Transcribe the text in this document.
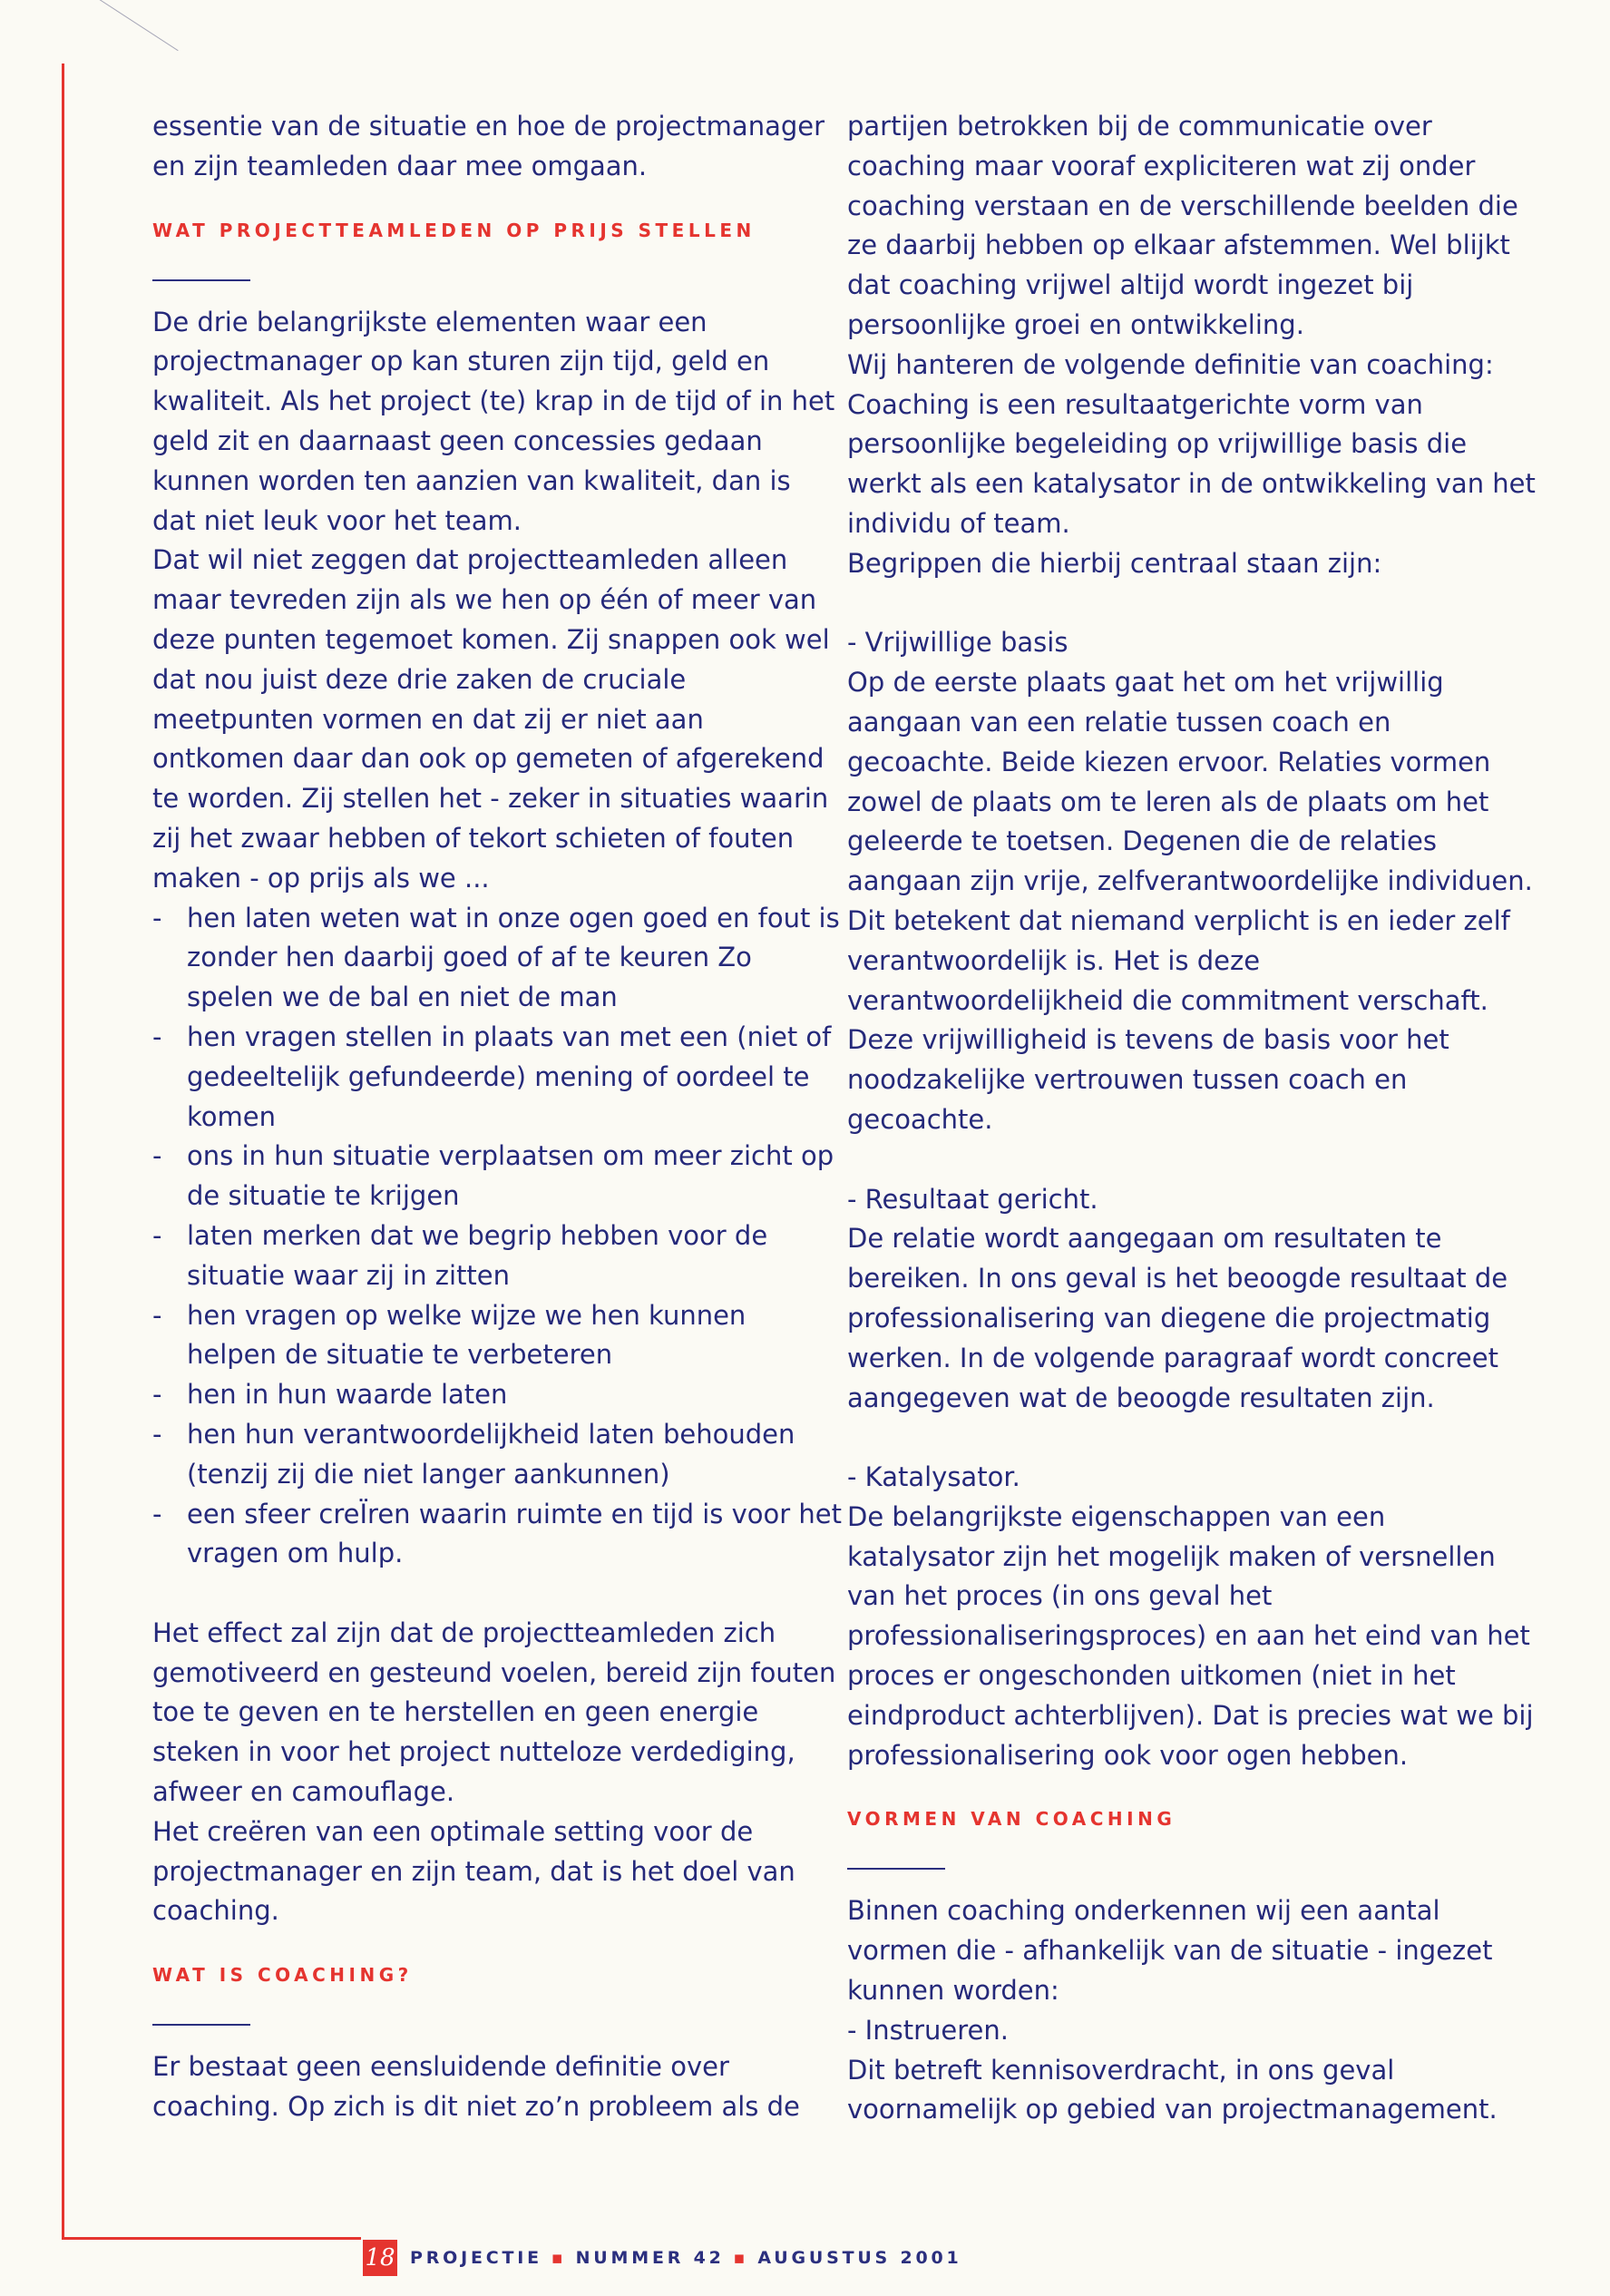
essentie van de situatie en hoe de projectmanager en zijn teamleden daar mee omgaan.

WAT PROJECTTEAMLEDEN OP PRIJS STELLEN

De drie belangrijkste elementen waar een projectmanager op kan sturen zijn tijd, geld en kwaliteit. Als het project (te) krap in de tijd of in het geld zit en daarnaast geen concessies gedaan kunnen worden ten aanzien van kwaliteit, dan is dat niet leuk voor het team.

Dat wil niet zeggen dat projectteamleden alleen maar tevreden zijn als we hen op één of meer van deze punten tegemoet komen. Zij snappen ook wel dat nou juist deze drie zaken de cruciale meetpunten vormen en dat zij er niet aan ontkomen daar dan ook op gemeten of afgerekend te worden. Zij stellen het - zeker in situaties waarin zij het zwaar hebben of tekort schieten of fouten maken - op prijs als we ...

- hen laten weten wat in onze ogen goed en fout is zonder hen daarbij goed of af te keuren Zo spelen we de bal en niet de man
- hen vragen stellen in plaats van met een (niet of gedeeltelijk gefundeerde) mening of oordeel te komen
- ons in hun situatie verplaatsen om meer zicht op de situatie te krijgen
- laten merken dat we begrip hebben voor de situatie waar zij in zitten
- hen vragen op welke wijze we hen kunnen helpen de situatie te verbeteren
- hen in hun waarde laten
- hen hun verantwoordelijkheid laten behouden (tenzij zij die niet langer aankunnen)
- een sfeer creÏren waarin ruimte en tijd is voor het vragen om hulp.

Het effect zal zijn dat de projectteamleden zich gemotiveerd en gesteund voelen, bereid zijn fouten toe te geven en te herstellen en geen energie steken in voor het project nutteloze verdediging, afweer en camouflage.

Het creëren van een optimale setting voor de projectmanager en zijn team, dat is het doel van coaching.

WAT IS COACHING?

Er bestaat geen eensluidende definitie over coaching. Op zich is dit niet zo’n probleem als de

partijen betrokken bij de communicatie over coaching maar vooraf expliciteren wat zij onder coaching verstaan en de verschillende beelden die ze daarbij hebben op elkaar afstemmen. Wel blijkt dat coaching vrijwel altijd wordt ingezet bij persoonlijke groei en ontwikkeling.

Wij hanteren de volgende definitie van coaching: Coaching is een resultaatgerichte vorm van persoonlijke begeleiding op vrijwillige basis die werkt als een katalysator in de ontwikkeling van het individu of team.

Begrippen die hierbij centraal staan zijn:

- Vrijwillige basis

Op de eerste plaats gaat het om het vrijwillig aangaan van een relatie tussen coach en gecoachte. Beide kiezen ervoor. Relaties vormen zowel de plaats om te leren als de plaats om het geleerde te toetsen. Degenen die de relaties aangaan zijn vrije, zelfverantwoordelijke individuen. Dit betekent dat niemand verplicht is en ieder zelf verantwoordelijk is. Het is deze verantwoordelijkheid die commitment verschaft.

Deze vrijwilligheid is tevens de basis voor het noodzakelijke vertrouwen tussen coach en gecoachte.

- Resultaat gericht.

De relatie wordt aangegaan om resultaten te bereiken. In ons geval is het beoogde resultaat de professionalisering van diegene die projectmatig werken. In de volgende paragraaf wordt concreet aangegeven wat de beoogde resultaten zijn.

- Katalysator.

De belangrijkste eigenschappen van een katalysator zijn het mogelijk maken of versnellen van het proces (in ons geval het professionaliseringsproces) en aan het eind van het proces er ongeschonden uitkomen (niet in het eindproduct achterblijven). Dat is precies wat we bij professionalisering ook voor ogen hebben.

VORMEN VAN COACHING

Binnen coaching onderkennen wij een aantal vormen die - afhankelijk van de situatie - ingezet kunnen worden:

- Instrueren.

Dit betreft kennisoverdracht, in ons geval voornamelijk op gebied van projectmanagement.

18 PROJECTIE ▪ NUMMER 42 ▪ AUGUSTUS 2001
